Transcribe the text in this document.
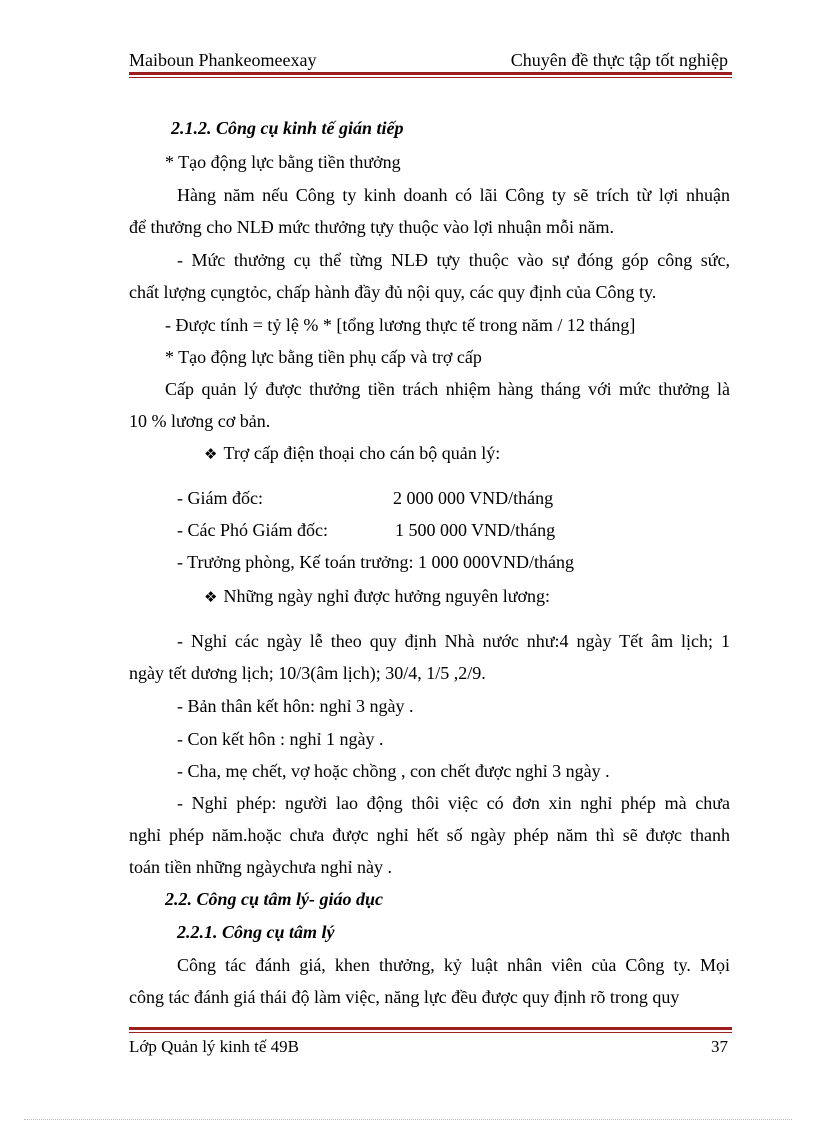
Maiboun Phankeomeexay	Chuyên đề thực tập tốt nghiệp
2.1.2. Công cụ kinh tế gián tiếp
* Tạo động lực bằng tiền thưởng
Hàng năm nếu Công ty kinh doanh có lãi Công ty sẽ trích từ lợi nhuận
để thưởng cho NLĐ mức thưởng tựy thuộc vào lợi nhuận mỗi năm.
- Mức thưởng cụ thể từng NLĐ tựy thuộc vào sự đóng góp công sức,
chất lượng cụngtỏc, chấp hành đầy đủ nội quy, các quy định của Công ty.
- Được tính = tỷ lệ % * [tổng lương thực tế trong năm / 12 tháng]
* Tạo động lực bằng tiền phụ cấp và trợ cấp
Cấp quản lý được thưởng tiền trách nhiệm hàng tháng với mức thưởng là
10 % lương cơ bản.
❖ Trợ cấp điện thoại cho cán bộ quản lý:
- Giám đốc:	2 000 000 VND/tháng
- Các Phó Giám đốc:	1 500 000 VND/tháng
- Trưởng phòng, Kế toán trưởng: 1 000 000VND/tháng
❖ Những ngày nghỉ được hưởng nguyên lương:
- Nghỉ các ngày lễ theo quy định Nhà nước như:4 ngày Tết âm lịch; 1
ngày tết dương lịch; 10/3(âm lịch); 30/4, 1/5 ,2/9.
- Bản thân kết hôn: nghỉ 3 ngày .
- Con kết hôn : nghỉ 1 ngày .
- Cha, mẹ chết, vợ hoặc chồng , con chết được nghỉ 3 ngày .
- Nghỉ phép: người lao động thôi việc có đơn xin nghỉ phép mà chưa
nghỉ phép năm.hoặc chưa được nghỉ hết số ngày phép năm thì sẽ được thanh
toán tiền những ngàychưa nghỉ này .
2.2. Công cụ tâm lý- giáo dục
2.2.1. Công cụ tâm lý
Công tác đánh giá, khen thưởng, kỷ luật nhân viên của Công ty. Mọi
công tác đánh giá thái độ làm việc, năng lực đều được quy định rõ trong quy
Lớp Quản lý kinh tế 49B	37
